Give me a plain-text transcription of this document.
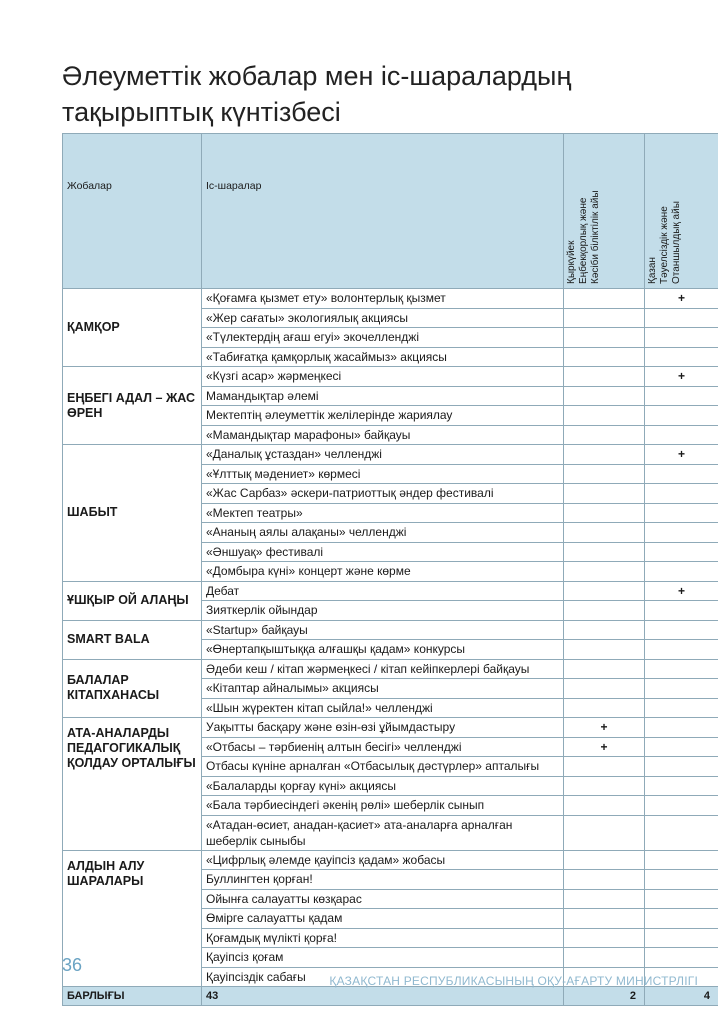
Әлеуметтік жобалар мен іс-шаралардың
тақырыптық күнтізбесі
Жобалар	Іс-шаралар	Қыркүйек Еңбекқорлық және Кәсіби біліктілік айы	Қазан Тәуелсіздік және Отаншылдық айы

ҚАМҚОР	«Қоғамға қызмет ету» волонтерлық қызмет		+
	«Жер сағаты» экологиялық акциясы		
	«Түлектердің ағаш егуі» экочелленджі		
	«Табиғатқа қамқорлық жасаймыз» акциясы		
ЕҢБЕГІ АДАЛ – ЖАС ӨРЕН	«Күзгі асар» жәрмеңкесі		+
	Мамандықтар әлемі		
	Мектептің әлеуметтік желілерінде жариялау		
	«Мамандықтар марафоны» байқауы		
ШАБЫТ	«Даналық ұстаздан» челленджі		+
	«Ұлттық мәдениет» көрмесі		
	«Жас Сарбаз» әскери-патриоттық әндер фестивалі		
	«Мектеп театры»		
	«Ананың аялы алақаны» челленджі		
	«Әншуақ» фестивалі		
	«Домбыра күні» концерт және көрме		
ҰШҚЫР ОЙ АЛАҢЫ	Дебат		+
	Зияткерлік ойындар		
SMART BALA	«Startup» байқауы		
	«Өнертапқыштыққа алғашқы қадам» конкурсы		
БАЛАЛАР КІТАПХАНАСЫ	Әдеби кеш / кітап жәрмеңкесі / кітап кейіпкерлері байқауы		
	«Кітаптар айналымы» акциясы		
	«Шын жүректен кітап сыйла!» челленджі		
АТА-АНАЛАРДЫ ПЕДАГОГИКАЛЫҚ ҚОЛДАУ ОРТАЛЫҒЫ	Уақытты басқару және өзін-өзі ұйымдастыру	+	
	«Отбасы – тәрбиенің алтын бесігі» челленджі	+	
	Отбасы күніне арналған «Отбасылық дәстүрлер» апталығы		
	«Балаларды қорғау күні» акциясы		
	«Бала тәрбиесіндегі әкенің рөлі» шеберлік сынып		
	«Атадан-өсиет, анадан-қасиет» ата-аналарға арналған шеберлік сыныбы		
АЛДЫН АЛУ ШАРАЛАРЫ	«Цифрлық әлемде қауіпсіз қадам» жобасы		
	Буллингтен қорған!		
	Ойынға салауатты көзқарас		
	Өмірге салауатты қадам		
	Қоғамдық мүлікті қорға!		
	Қауіпсіз қоғам		
	Қауіпсіздік сабағы		
БАРЛЫҒЫ	43	2	4
36
ҚАЗАҚСТАН РЕСПУБЛИКАСЫНЫҢ ОҚУ-АҒАРТУ МИНИСТРЛІГІ
